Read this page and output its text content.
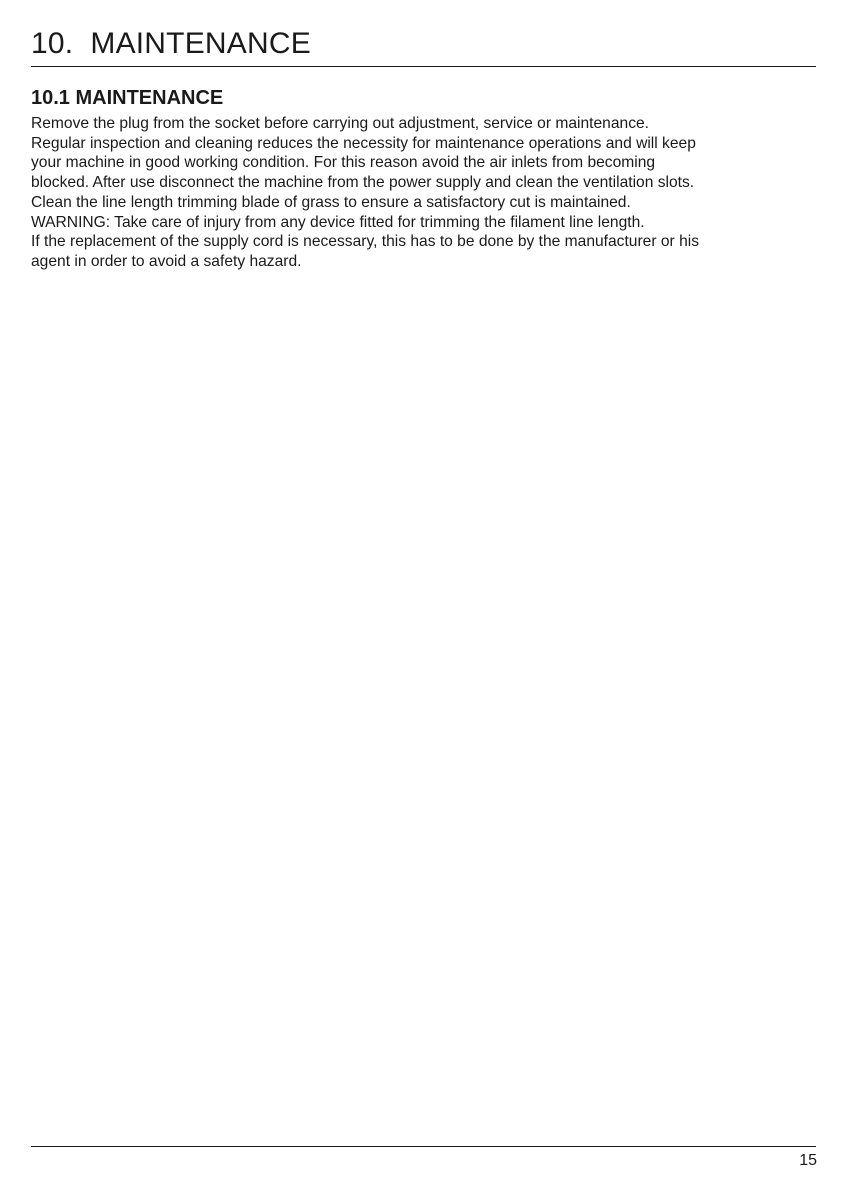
10.  MAINTENANCE
10.1 MAINTENANCE

Remove the plug from the socket before carrying out adjustment, service or maintenance.
Regular inspection and cleaning reduces the necessity for maintenance operations and will keep
your machine in good working condition. For this reason avoid the air inlets from becoming
blocked. After use disconnect the machine from the power supply and clean the ventilation slots.
Clean the line length trimming blade of grass to ensure a satisfactory cut is maintained.
WARNING: Take care of injury from any device fitted for trimming the filament line length.
If the replacement of the supply cord is necessary, this has to be done by the manufacturer or his
agent in order to avoid a safety hazard.

15
